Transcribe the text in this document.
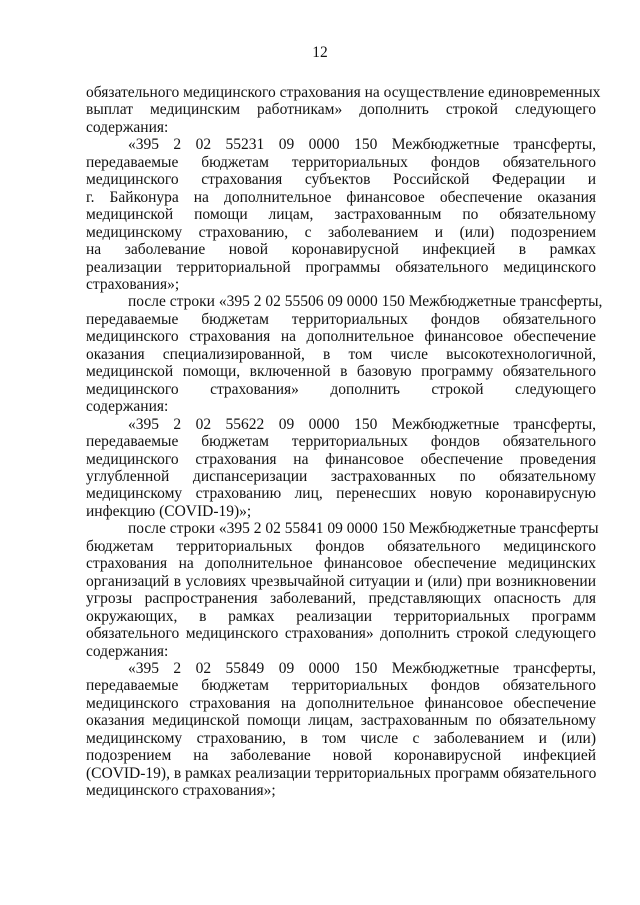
12
обязательного медицинского страхования на осуществление единовременных
выплат медицинским работникам» дополнить строкой следующего
содержания:
«395 2 02 55231 09 0000 150 Межбюджетные трансферты,
передаваемые бюджетам территориальных фондов обязательного
медицинского страхования субъектов Российской Федерации и
г. Байконура на дополнительное финансовое обеспечение оказания
медицинской помощи лицам, застрахованным по обязательному
медицинскому страхованию, с заболеванием и (или) подозрением
на заболевание новой коронавирусной инфекцией в рамках
реализации территориальной программы обязательного медицинского
страхования»;
после строки «395 2 02 55506 09 0000 150 Межбюджетные трансферты,
передаваемые бюджетам территориальных фондов обязательного
медицинского страхования на дополнительное финансовое обеспечение
оказания специализированной, в том числе высокотехнологичной,
медицинской помощи, включенной в базовую программу обязательного
медицинского страхования» дополнить строкой следующего
содержания:
«395 2 02 55622 09 0000 150 Межбюджетные трансферты,
передаваемые бюджетам территориальных фондов обязательного
медицинского страхования на финансовое обеспечение проведения
углубленной диспансеризации застрахованных по обязательному
медицинскому страхованию лиц, перенесших новую коронавирусную
инфекцию (COVID-19)»;
после строки «395 2 02 55841 09 0000 150 Межбюджетные трансферты
бюджетам территориальных фондов обязательного медицинского
страхования на дополнительное финансовое обеспечение медицинских
организаций в условиях чрезвычайной ситуации и (или) при возникновении
угрозы распространения заболеваний, представляющих опасность для
окружающих, в рамках реализации территориальных программ
обязательного медицинского страхования» дополнить строкой следующего
содержания:
«395 2 02 55849 09 0000 150 Межбюджетные трансферты,
передаваемые бюджетам территориальных фондов обязательного
медицинского страхования на дополнительное финансовое обеспечение
оказания медицинской помощи лицам, застрахованным по обязательному
медицинскому страхованию, в том числе с заболеванием и (или)
подозрением на заболевание новой коронавирусной инфекцией
(COVID-19), в рамках реализации территориальных программ обязательного
медицинского страхования»;
